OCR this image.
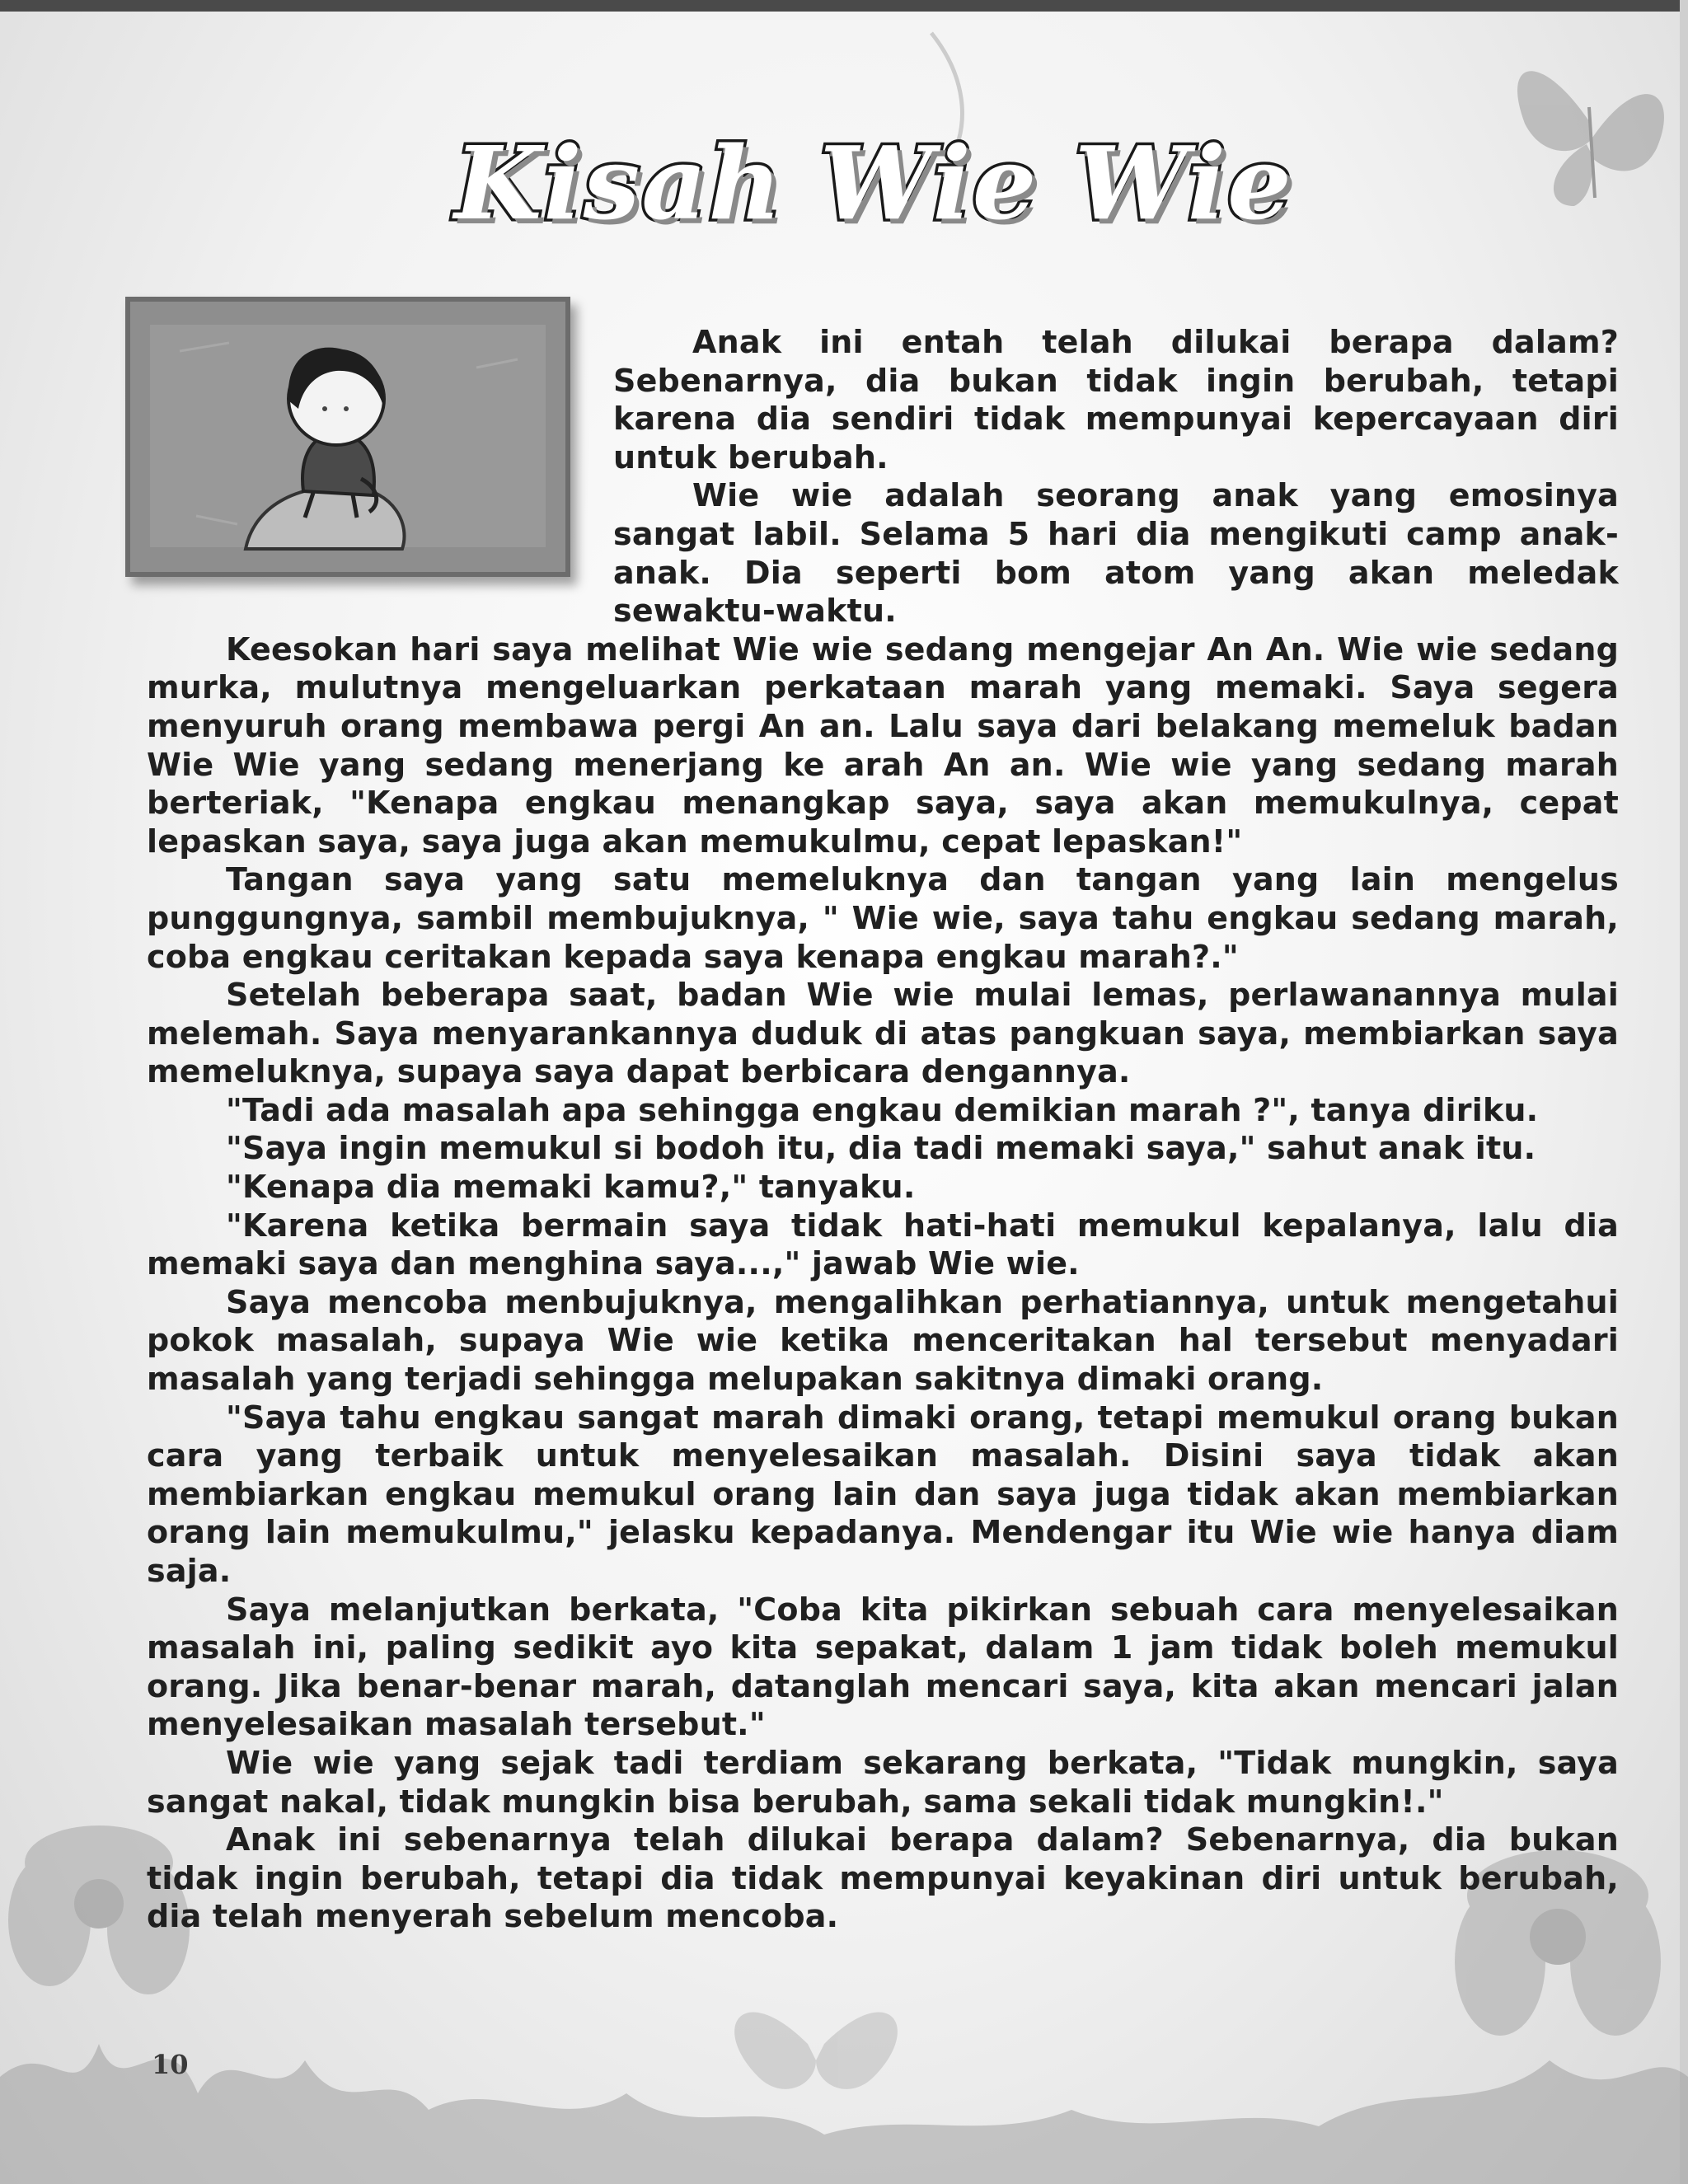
Kisah Wie Wie

Anak ini entah telah dilukai berapa dalam? Sebenarnya, dia bukan tidak ingin berubah, tetapi karena dia sendiri tidak mempunyai kepercayaan diri untuk berubah.

Wie wie adalah seorang anak yang emosinya sangat labil. Selama 5 hari dia mengikuti camp anak-anak. Dia seperti bom atom yang akan meledak sewaktu-waktu.

Keesokan hari saya melihat Wie wie sedang mengejar An An. Wie wie sedang murka, mulutnya mengeluarkan perkataan marah yang memaki. Saya segera menyuruh orang membawa pergi An an. Lalu saya dari belakang memeluk badan Wie Wie yang sedang menerjang ke arah An an. Wie wie yang sedang marah berteriak, "Kenapa engkau menangkap saya, saya akan memukulnya, cepat lepaskan saya, saya juga akan memukulmu, cepat lepaskan!"

Tangan saya yang satu memeluknya dan tangan yang lain mengelus punggungnya, sambil membujuknya, " Wie wie, saya tahu engkau sedang marah, coba engkau ceritakan kepada saya kenapa engkau marah?."

Setelah beberapa saat, badan Wie wie mulai lemas, perlawanannya mulai melemah. Saya menyarankannya duduk di atas pangkuan saya, membiarkan saya memeluknya, supaya saya dapat berbicara dengannya.

"Tadi ada masalah apa sehingga engkau demikian marah ?", tanya diriku.

"Saya ingin memukul si bodoh itu, dia tadi memaki saya," sahut anak itu.

"Kenapa dia memaki kamu?," tanyaku.

"Karena ketika bermain saya tidak hati-hati memukul kepalanya, lalu dia memaki saya dan menghina saya...," jawab Wie wie.

Saya mencoba menbujuknya, mengalihkan perhatiannya, untuk mengetahui pokok masalah, supaya Wie wie ketika menceritakan hal tersebut menyadari masalah yang terjadi sehingga melupakan sakitnya dimaki orang.

"Saya tahu engkau sangat marah dimaki orang, tetapi memukul orang bukan cara yang terbaik untuk menyelesaikan masalah. Disini saya tidak akan membiarkan engkau memukul orang lain dan saya juga tidak akan membiarkan orang lain memukulmu," jelasku kepadanya. Mendengar itu Wie wie hanya diam saja.

Saya melanjutkan berkata, "Coba kita pikirkan sebuah cara menyelesaikan masalah ini, paling sedikit ayo kita sepakat, dalam 1 jam tidak boleh memukul orang. Jika benar-benar marah, datanglah mencari saya, kita akan mencari jalan menyelesaikan masalah tersebut."

Wie wie yang sejak tadi terdiam sekarang berkata, "Tidak mungkin, saya sangat nakal, tidak mungkin bisa berubah, sama sekali tidak mungkin!."

Anak ini sebenarnya telah dilukai berapa dalam? Sebenarnya, dia bukan tidak ingin berubah, tetapi dia tidak mempunyai keyakinan diri untuk berubah, dia telah menyerah sebelum mencoba.

10
